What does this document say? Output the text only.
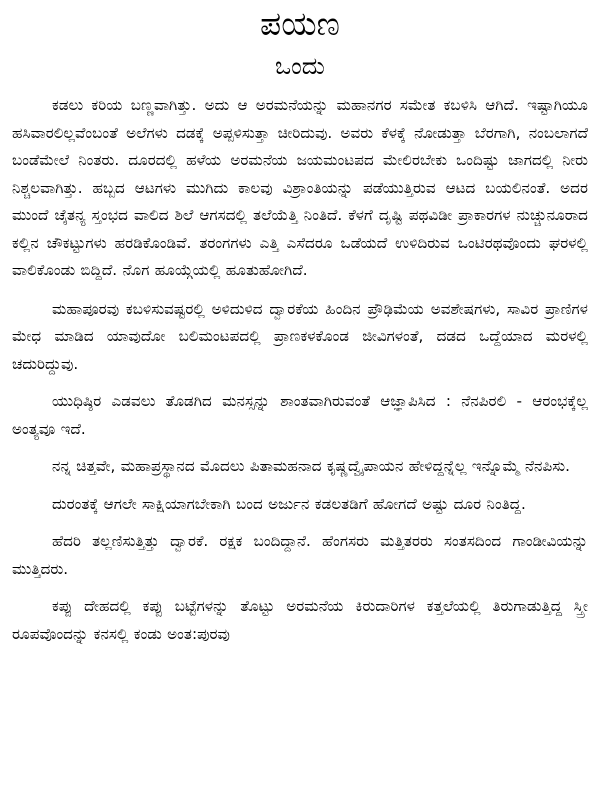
ಪಯಣ
ಒಂದು

ಕಡಲು ಕರಿಯ ಬಣ್ಣವಾಗಿತ್ತು. ಅದು ಆ ಅರಮನೆಯನ್ನು ಮಹಾನಗರ ಸಮೇತ ಕಬಳಿಸಿ ಆಗಿದೆ. ಇಷ್ಟಾಗಿಯೂ ಹಸಿವಾರಲಿಲ್ಲವೆಂಬಂತೆ ಅಲೆಗಳು ದಡಕ್ಕೆ ಅಪ್ಪಳಿಸುತ್ತಾ ಚೀರಿದುವು. ಅವರು ಕೆಳಕ್ಕೆ ನೋಡುತ್ತಾ ಬೆರಗಾಗಿ, ನಂಬಲಾಗದೆ ಬಂಡೆಮೇಲೆ ನಿಂತರು. ದೂರದಲ್ಲಿ ಹಳೆಯ ಅರಮನೆಯ ಜಯಮಂಟಪದ ಮೇಲಿರಬೇಕು ಒಂದಿಷ್ಟು ಜಾಗದಲ್ಲಿ ನೀರು ನಿಶ್ಚಲವಾಗಿತ್ತು. ಹಬ್ಬದ ಆಟಗಳು ಮುಗಿದು ಕಾಲವು ವಿಶ್ರಾಂತಿಯನ್ನು ಪಡೆಯುತ್ತಿರುವ ಆಟದ ಬಯಲಿನಂತೆ. ಅದರ ಮುಂದೆ ಚೈತನ್ಯ ಸ್ತಂಭದ ವಾಲಿದ ಶಿಲೆ ಆಗಸದಲ್ಲಿ ತಲೆಯೆತ್ತಿ ನಿಂತಿದೆ. ಕೆಳಗೆ ದೃಷ್ಟಿ ಪಥವಿಡೀ ಪ್ರಾಕಾರಗಳ ನುಚ್ಚುನೂರಾದ ಕಲ್ಲಿನ ಚೌಕಟ್ಟುಗಳು ಹರಡಿಕೊಂಡಿವೆ. ತರಂಗಗಳು ಎತ್ತಿ ಎಸೆದರೂ ಒಡೆಯದೆ ಉಳಿದಿರುವ ಒಂಟಿರಥವೊಂದು ಘರಳಲ್ಲಿ ವಾಲಿಕೊಂಡು ಬಿದ್ದಿದೆ. ನೊಗ ಹೂಯ್ಗೆಯಲ್ಲಿ ಹೂತುಹೋಗಿದೆ.

ಮಹಾಪೂರವು ಕಬಳಿಸುವಷ್ಟರಲ್ಲಿ ಅಳಿದುಳಿದ ದ್ವಾರಕೆಯ ಹಿಂದಿನ ಪ್ರೌಢಿಮೆಯ ಅವಶೇಷಗಳು, ಸಾವಿರ ಪ್ರಾಣಿಗಳ ಮೇಧ ಮಾಡಿದ ಯಾವುದೋ ಬಲಿಮಂಟಪದಲ್ಲಿ ಪ್ರಾಣಕಳಕೊಂಡ ಜೀವಿಗಳಂತೆ, ದಡದ ಒದ್ದೆಯಾದ ಮರಳಲ್ಲಿ ಚದುರಿದ್ದುವು.

ಯುಧಿಷ್ಠಿರ ಎಡವಲು ತೊಡಗಿದ ಮನಸ್ಸನ್ನು ಶಾಂತವಾಗಿರುವಂತೆ ಆಜ್ಞಾಪಿಸಿದ : ನೆನಪಿರಲಿ - ಆರಂಭಕ್ಕೆಲ್ಲ ಅಂತ್ಯವೂ ಇದೆ.

ನನ್ನ ಚಿತ್ತವೇ, ಮಹಾಪ್ರಸ್ಥಾನದ ಮೊದಲು ಪಿತಾಮಹನಾದ ಕೃಷ್ಣದ್ವೈಪಾಯನ ಹೇಳಿದ್ದನ್ನೆಲ್ಲ ಇನ್ನೊಮ್ಮೆ ನೆನಪಿಸು.

ದುರಂತಕ್ಕೆ ಆಗಲೇ ಸಾಕ್ಷಿಯಾಗಬೇಕಾಗಿ ಬಂದ ಅರ್ಜುನ ಕಡಲತಡಿಗೆ ಹೋಗದೆ ಅಷ್ಟು ದೂರ ನಿಂತಿದ್ದ.

ಹೆದರಿ ತಲ್ಲಣಿಸುತ್ತಿತ್ತು ದ್ವಾರಕೆ. ರಕ್ಷಕ ಬಂದಿದ್ದಾನೆ. ಹೆಂಗಸರು ಮತ್ತಿತರರು ಸಂತಸದಿಂದ ಗಾಂಡೀವಿಯನ್ನು ಮುತ್ತಿದರು.

ಕಪ್ಪು ದೇಹದಲ್ಲಿ ಕಪ್ಪು ಬಟ್ಟೆಗಳನ್ನು ತೊಟ್ಟು ಅರಮನೆಯ ಕಿರುದಾರಿಗಳ ಕತ್ತಲೆಯಲ್ಲಿ ತಿರುಗಾಡುತ್ತಿದ್ದ ಸ್ತ್ರೀ ರೂಪವೊಂದನ್ನು ಕನಸಲ್ಲಿ ಕಂಡು ಅಂತ:ಪುರವು
